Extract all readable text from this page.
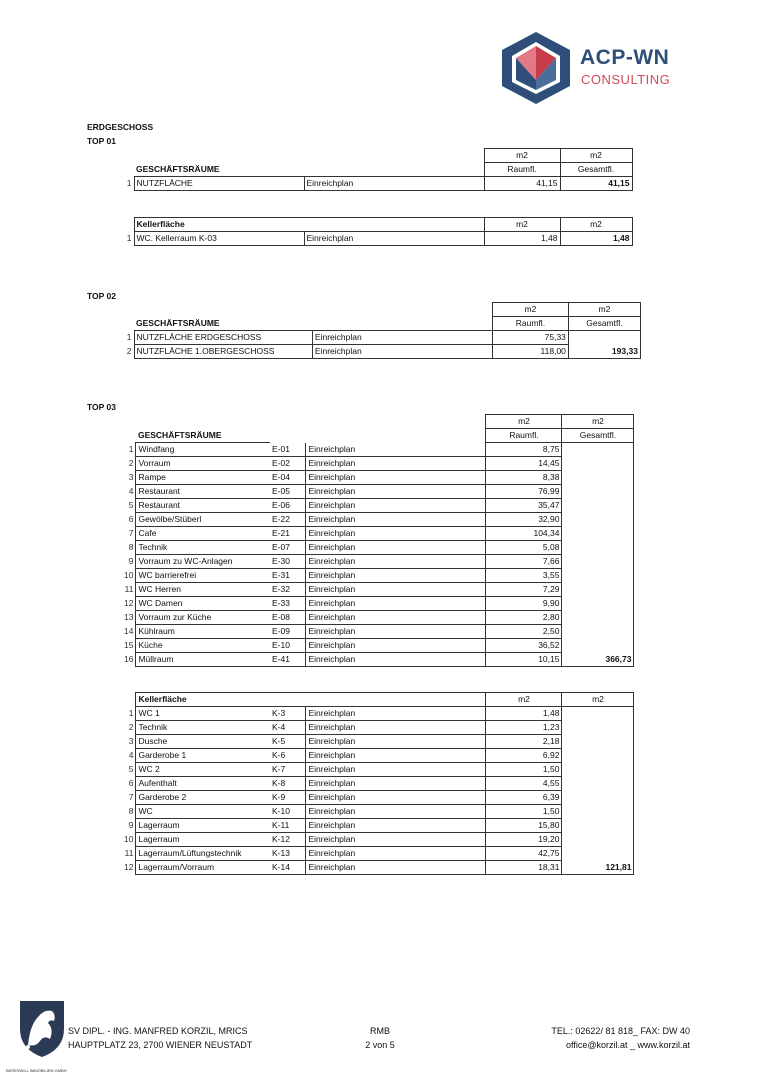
ACP-WN
CONSULTING
ERDGESCHOSS
TOP 01
				m2	m2
	GESCHÄFTSRÄUME			Raumfl.	Gesamtfl.
1	NUTZFLÄCHE		Einreichplan	41,15	41,15
	Kellerfläche			m2	m2
1	WC. Kellerraum K-03		Einreichplan	1,48	1,48
TOP 02
				m2	m2
	GESCHÄFTSRÄUME			Raumfl.	Gesamtfl.
1	NUTZFLÄCHE ERDGESCHOSS		Einreichplan	75,33	
2	NUTZFLÄCHE 1.OBERGESCHOSS		Einreichplan	118,00	193,33
TOP 03
				m2	m2
	GESCHÄFTSRÄUME			Raumfl.	Gesamtfl.
1	Windfang	E-01	Einreichplan	8,75	
2	Vorraum	E-02	Einreichplan	14,45	
3	Rampe	E-04	Einreichplan	8,38	
4	Restaurant	E-05	Einreichplan	76,99	
5	Restaurant	E-06	Einreichplan	35,47	
6	Gewölbe/Stüberl	E-22	Einreichplan	32,90	
7	Cafe	E-21	Einreichplan	104,34	
8	Technik	E-07	Einreichplan	5,08	
9	Vorraum zu WC-Anlagen	E-30	Einreichplan	7,66	
10	WC barrierefrei	E-31	Einreichplan	3,55	
11	WC Herren	E-32	Einreichplan	7,29	
12	WC Damen	E-33	Einreichplan	9,90	
13	Vorraum zur Küche	E-08	Einreichplan	2,80	
14	Kühlraum	E-09	Einreichplan	2,50	
15	Küche	E-10	Einreichplan	36,52	
16	Müllraum	E-41	Einreichplan	10,15	366,73
	Kellerfläche			m2	m2
1	WC 1	K-3	Einreichplan	1,48	
2	Technik	K-4	Einreichplan	1,23	
3	Dusche	K-5	Einreichplan	2,18	
4	Garderobe 1	K-6	Einreichplan	6,92	
5	WC 2	K-7	Einreichplan	1,50	
6	Aufenthalt	K-8	Einreichplan	4,55	
7	Garderobe 2	K-9	Einreichplan	6,39	
8	WC	K-10	Einreichplan	1,50	
9	Lagerraum	K-11	Einreichplan	15,80	
10	Lagerraum	K-12	Einreichplan	19,20	
11	Lagerraum/Lüftungstechnik	K-13	Einreichplan	42,75	
12	Lagerraum/Vorraum	K-14	Einreichplan	18,31	121,81
BERESWILL IMMOBILIEN GMBH
SV DIPL. - ING. MANFRED KORZIL, MRICS
HAUPTPLATZ 23, 2700 WIENER NEUSTADT
RMB
2 von 5
TEL.: 02622/ 81 818_ FAX: DW 40
office@korzil.at _ www.korzil.at
